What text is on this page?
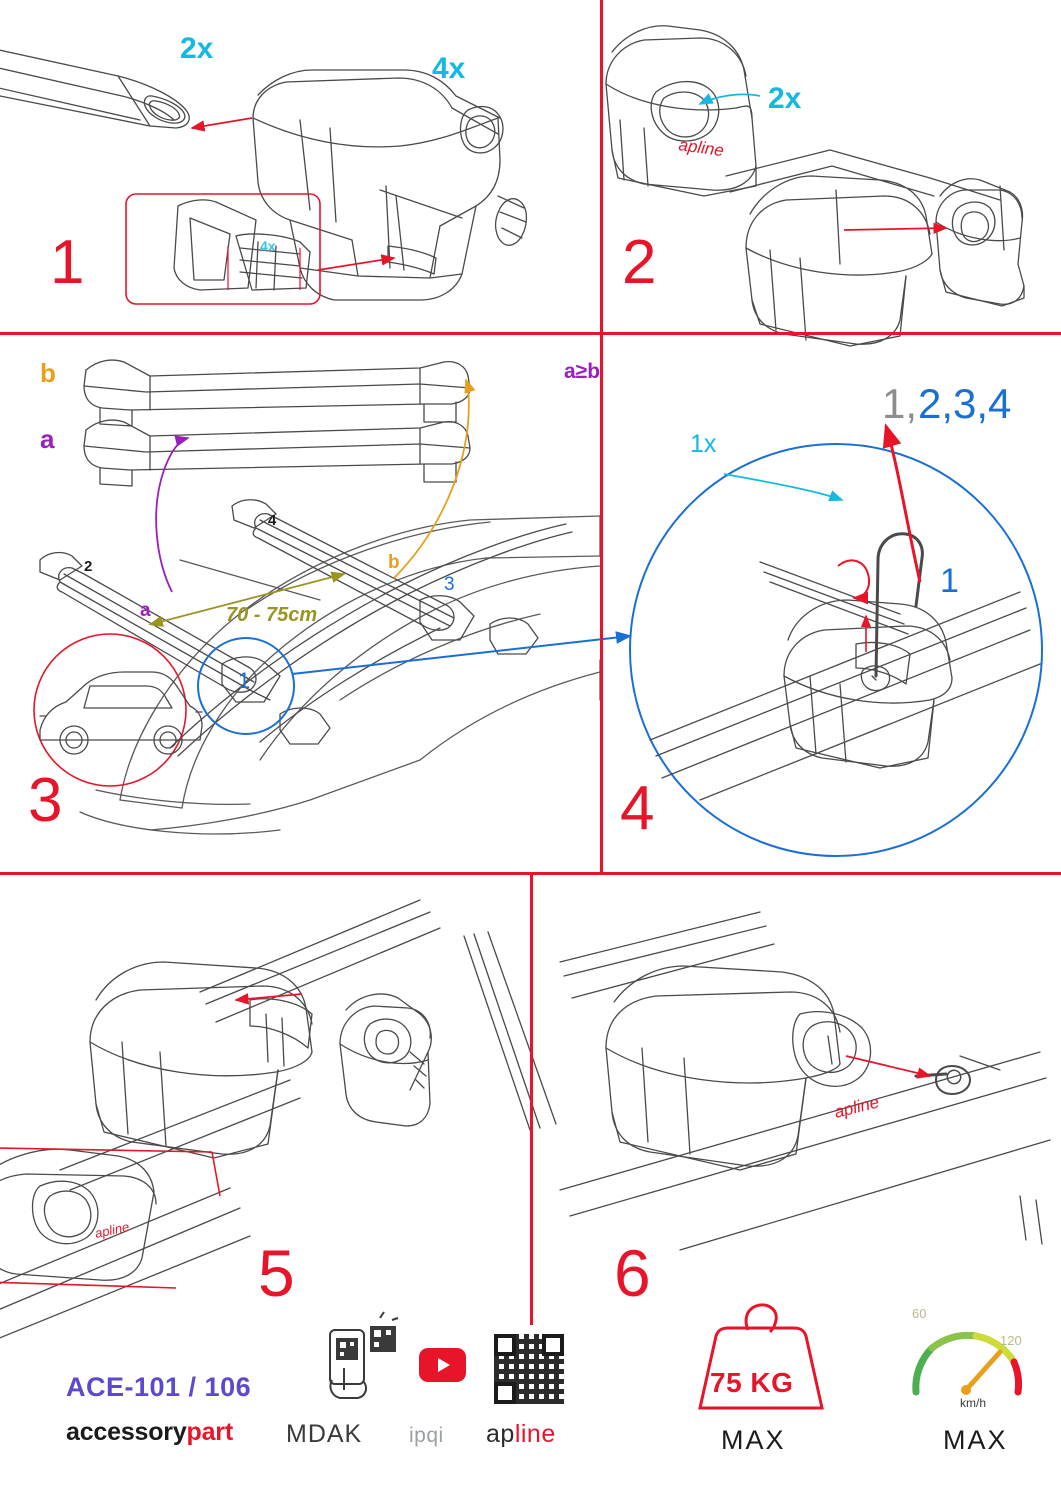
apline
apline
apline
1	2
3	4
5	6
2x
4x
4x
2x
b
a
a
b
70 - 75cm
1
2
3
4
a≥b
1x
1
1, 2,3,4
ACE-101 / 106
accessorypart MDAK ipqi apline
75 KG
MAX	MAX
km/h
60
120
